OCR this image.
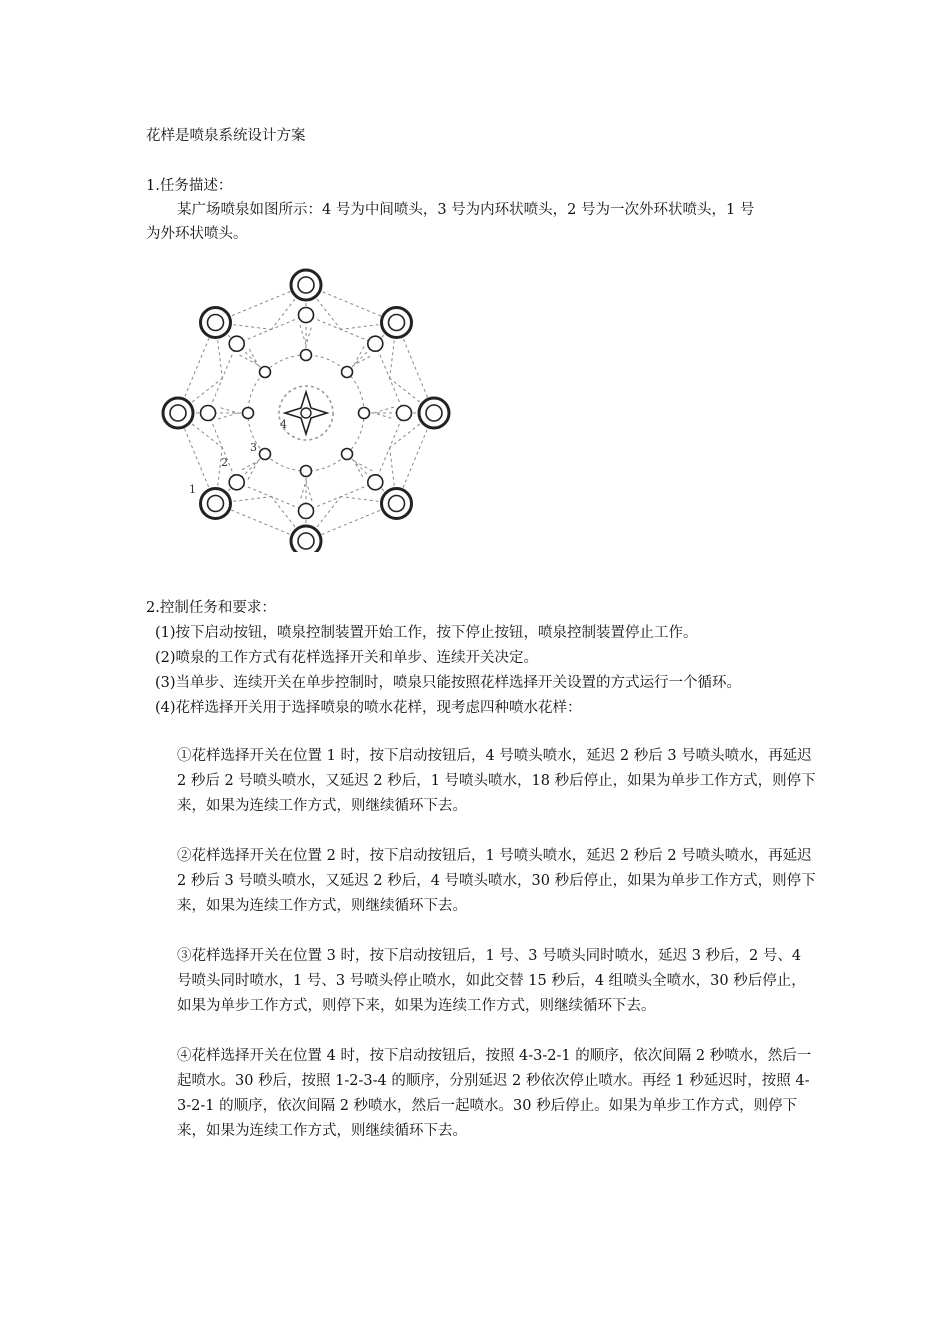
花样是喷泉系统设计方案
1.任务描述：
某广场喷泉如图所示：4 号为中间喷头，3 号为内环状喷头，2 号为一次外环状喷头，1 号
为外环状喷头。
1
2
3
4
2.控制任务和要求：
(1)按下启动按钮，喷泉控制装置开始工作，按下停止按钮，喷泉控制装置停止工作。
(2)喷泉的工作方式有花样选择开关和单步、连续开关决定。
(3)当单步、连续开关在单步控制时，喷泉只能按照花样选择开关设置的方式运行一个循环。
(4)花样选择开关用于选择喷泉的喷水花样，现考虑四种喷水花样：
①花样选择开关在位置 1 时，按下启动按钮后，4 号喷头喷水，延迟 2 秒后 3 号喷头喷水，再延迟 2 秒后 2 号喷头喷水，又延迟 2 秒后，1 号喷头喷水，18 秒后停止，如果为单步工作方式，则停下来，如果为连续工作方式，则继续循环下去。
②花样选择开关在位置 2 时，按下启动按钮后，1 号喷头喷水，延迟 2 秒后 2 号喷头喷水，再延迟 2 秒后 3 号喷头喷水，又延迟 2 秒后，4 号喷头喷水，30 秒后停止，如果为单步工作方式，则停下来，如果为连续工作方式，则继续循环下去。
③花样选择开关在位置 3 时，按下启动按钮后，1 号、3 号喷头同时喷水，延迟 3 秒后，2 号、4 号喷头同时喷水，1 号、3 号喷头停止喷水，如此交替 15 秒后，4 组喷头全喷水，30 秒后停止，如果为单步工作方式，则停下来，如果为连续工作方式，则继续循环下去。
④花样选择开关在位置 4 时，按下启动按钮后，按照 4-3-2-1 的顺序，依次间隔 2 秒喷水，然后一起喷水。30 秒后，按照 1-2-3-4 的顺序，分别延迟 2 秒依次停止喷水。再经 1 秒延迟时，按照 4-3-2-1 的顺序，依次间隔 2 秒喷水，然后一起喷水。30 秒后停止。如果为单步工作方式，则停下来，如果为连续工作方式，则继续循环下去。
